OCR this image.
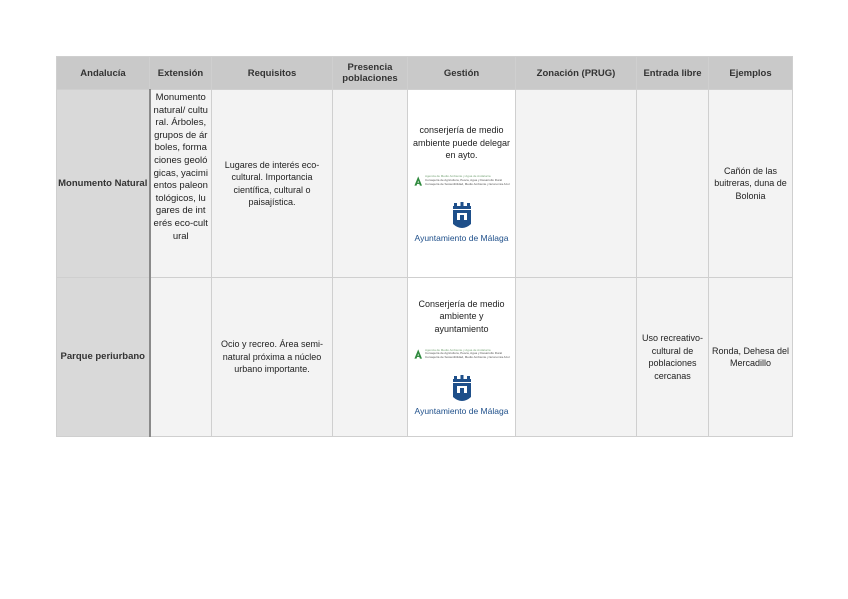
Andalucía	Extensión	Requisitos	Presencia poblaciones	Gestión	Zonación (PRUG)	Entrada libre	Ejemplos
Monumento Natural	Monumento natural/ cultural. Árboles, grupos de árboles, formaciones geológicas, yacimientos paleontológicos, lugares de interés eco-cultural	Lugares de interés eco-cultural. Importancia científica, cultural o paisajística.		conserjería de medio ambiente puede delegar en ayto.
Agencia de Medio Ambiente y Agua de Andalucía
Consejería de Agricultura, Pesca, Agua y Desarrollo Rural
Consejería de Sostenibilidad, Medio Ambiente y Economía Azul
Ayuntamiento de Málaga			Cañón de las buitreras, duna de Bolonia
Parque periurbano		Ocio y recreo. Área semi-natural próxima a núcleo urbano importante.		Conserjería de medio ambiente y ayuntamiento
Agencia de Medio Ambiente y Agua de Andalucía
Consejería de Agricultura, Pesca, Agua y Desarrollo Rural
Consejería de Sostenibilidad, Medio Ambiente y Economía Azul
Ayuntamiento de Málaga		Uso recreativo-cultural de poblaciones cercanas	Ronda, Dehesa del Mercadillo
